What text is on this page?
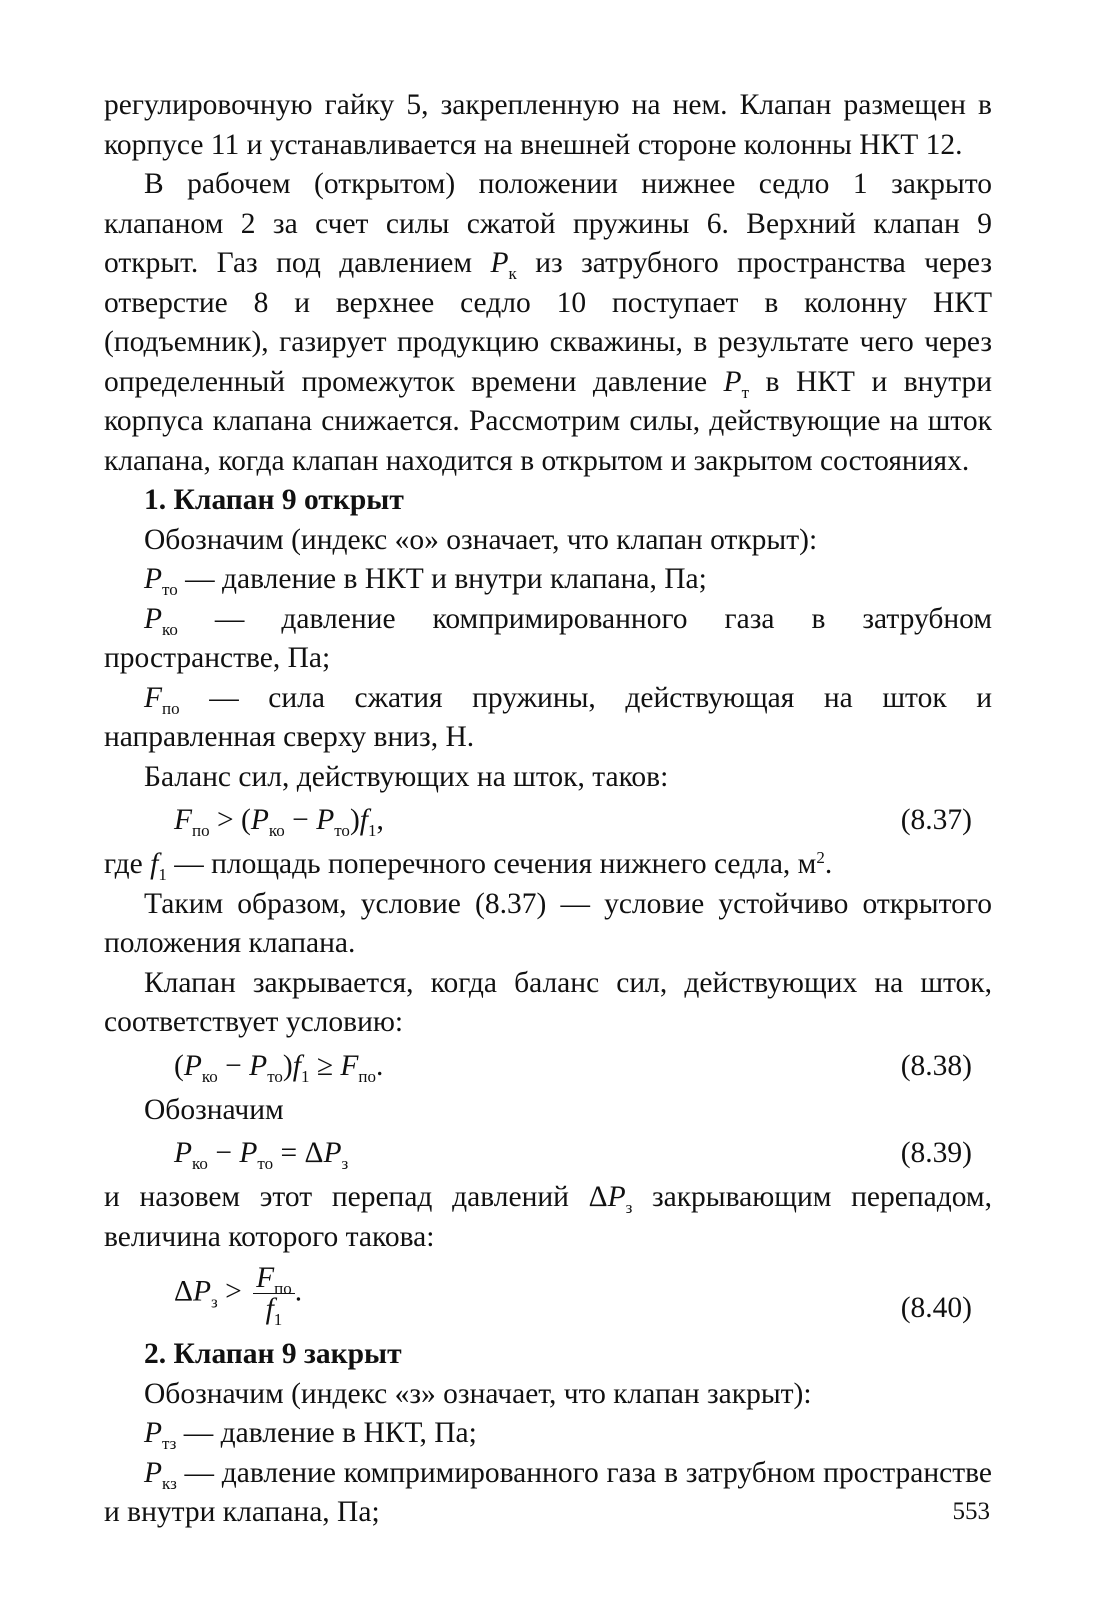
регулировочную гайку 5, закрепленную на нем. Клапан размещен в корпусе 11 и устанавливается на внешней стороне колонны НКТ 12.

В рабочем (открытом) положении нижнее седло 1 закрыто клапаном 2 за счет силы сжатой пружины 6. Верхний клапан 9 открыт. Газ под давлением $P_к$ из затрубного пространства через отверстие 8 и верхнее седло 10 поступает в колонну НКТ (подъемник), газирует продукцию скважины, в результате чего через определенный промежуток времени давление $P_т$ в НКТ и внутри корпуса клапана снижается. Рассмотрим силы, действующие на шток клапана, когда клапан находится в открытом и закрытом состояниях.

1. Клапан 9 открыт

Обозначим (индекс «о» означает, что клапан открыт):

$P_{то}$ — давление в НКТ и внутри клапана, Па;

$P_{ко}$ — давление компримированного газа в затрубном пространстве, Па;

$F_{по}$ — сила сжатия пружины, действующая на шток и направленная сверху вниз, Н.

Баланс сил, действующих на шток, таков:

$F_{по} > (P_{ко} - P_{то})f_1$,	(8.37)

где $f_1$ — площадь поперечного сечения нижнего седла, $м^2$.

Таким образом, условие (8.37) — условие устойчиво открытого положения клапана.

Клапан закрывается, когда баланс сил, действующих на шток, соответствует условию:

$(P_{ко} - P_{то})f_1 \ge F_{по}$.	(8.38)

Обозначим

$P_{ко} - P_{то} = \Delta P_з$	(8.39)

и назовем этот перепад давлений $\Delta P_з$ закрывающим перепадом, величина которого такова:

$\Delta P_з > \frac{F_{по}}{f_1}$ .
(8.40)

2. Клапан 9 закрыт

Обозначим (индекс «з» означает, что клапан закрыт):

$P_{тз}$ — давление в НКТ, Па;

$P_{кз}$ — давление компримированного газа в затрубном пространстве и внутри клапана, Па;	553
